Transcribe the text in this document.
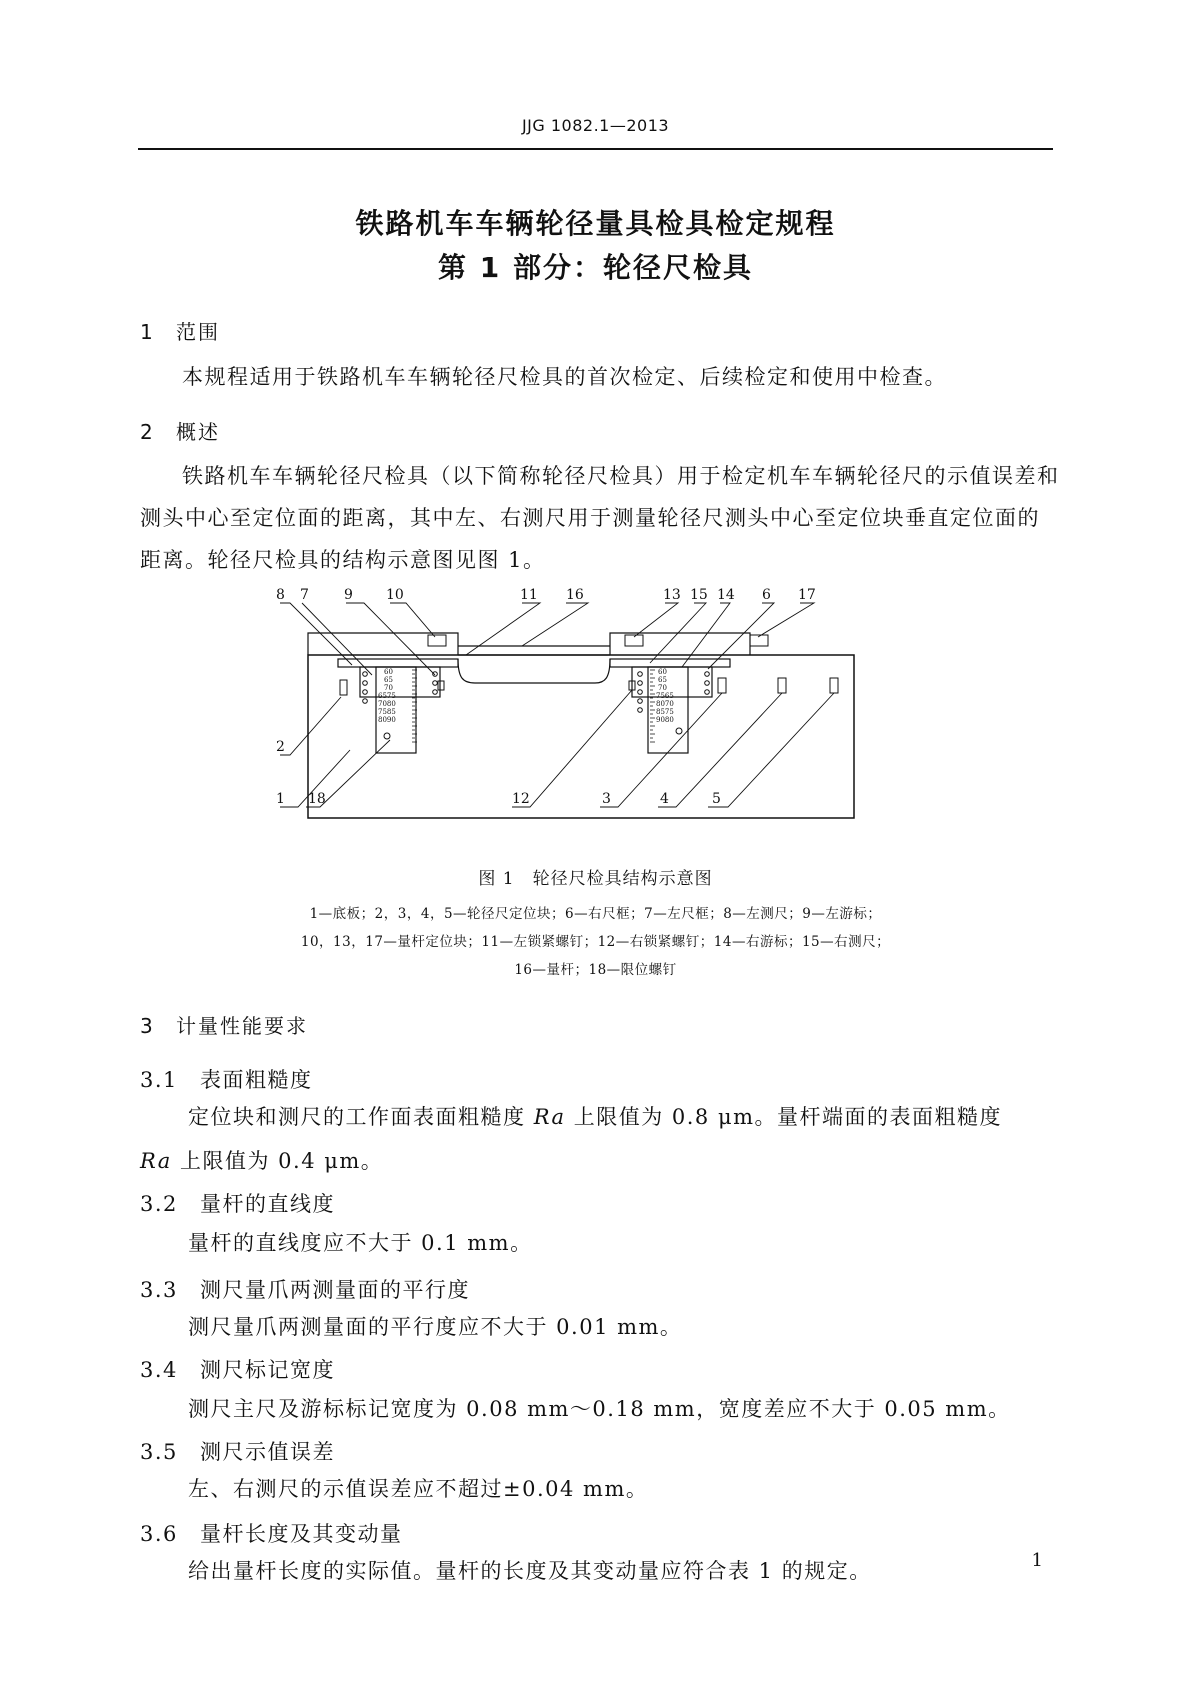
JJG 1082.1—2013
铁路机车车辆轮径量具检具检定规程
第 1 部分：轮径尺检具
1 范围
本规程适用于铁路机车车辆轮径尺检具的首次检定、后续检定和使用中检查。
2 概述
铁路机车车辆轮径尺检具（以下简称轮径尺检具）用于检定机车车辆轮径尺的示值误差和测头中心至定位面的距离，其中左、右测尺用于测量轮径尺测头中心至定位块垂直定位面的距离。轮径尺检具的结构示意图见图 1。
60
65
70
6575
7080
7585
8090
60
65
70
7565
8070
8575
9080
8 7	9 10	11 16	13 15 14 6 17
2
1 18	12	3	4	5
图 1　轮径尺检具结构示意图
1—底板；2，3，4，5—轮径尺定位块；6—右尺框；7—左尺框；8—左测尺；9—左游标；
10，13，17—量杆定位块；11—左锁紧螺钉；12—右锁紧螺钉；14—右游标；15—右测尺；
16—量杆；18—限位螺钉
3 计量性能要求
3.1 表面粗糙度
定位块和测尺的工作面表面粗糙度 Ra 上限值为 0.8 μm。量杆端面的表面粗糙度
Ra 上限值为 0.4 μm。
3.2 量杆的直线度
量杆的直线度应不大于 0.1 mm。
3.3 测尺量爪两测量面的平行度
测尺量爪两测量面的平行度应不大于 0.01 mm。
3.4 测尺标记宽度
测尺主尺及游标标记宽度为 0.08 mm～0.18 mm，宽度差应不大于 0.05 mm。
3.5 测尺示值误差
左、右测尺的示值误差应不超过±0.04 mm。
3.6 量杆长度及其变动量
给出量杆长度的实际值。量杆的长度及其变动量应符合表 1 的规定。	1
